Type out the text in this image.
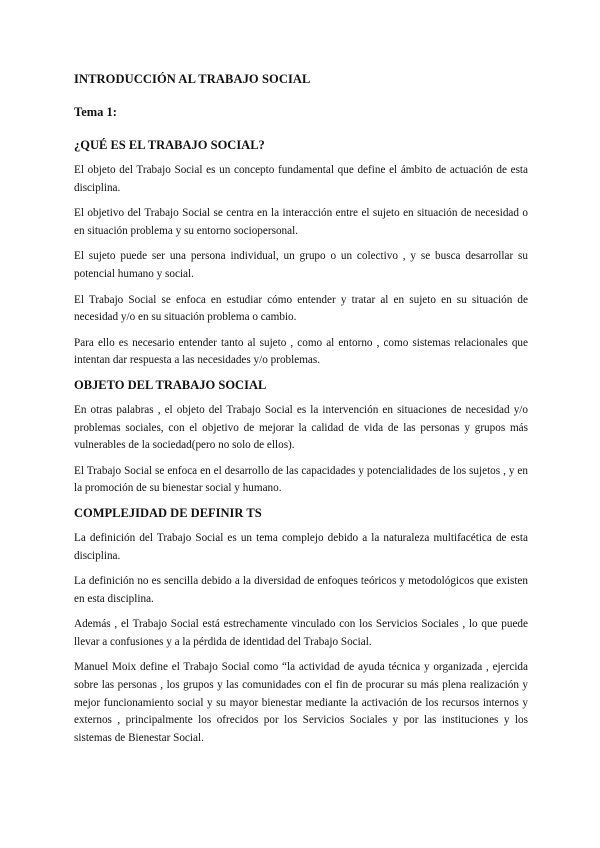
INTRODUCCIÓN AL TRABAJO SOCIAL
Tema 1:
¿QUÉ ES EL TRABAJO SOCIAL?

El objeto del Trabajo Social es un concepto fundamental que define el ámbito de actuación de esta disciplina.

El objetivo del Trabajo Social se centra en la interacción entre el sujeto en situación de necesidad o en situación problema y su entorno sociopersonal.

El sujeto puede ser una persona individual, un grupo o un colectivo , y se busca desarrollar su potencial humano y social.

El Trabajo Social se enfoca en estudiar cómo entender y tratar al en sujeto en su situación de necesidad y/o en su situación problema o cambio.

Para ello es necesario entender tanto al sujeto , como al entorno , como sistemas relacionales que intentan dar respuesta a las necesidades y/o problemas.

OBJETO DEL TRABAJO SOCIAL

En otras palabras , el objeto del Trabajo Social es la intervención en situaciones de necesidad y/o problemas sociales, con el objetivo de mejorar la calidad de vida de las personas y grupos más vulnerables de la sociedad(pero no solo de ellos).

El Trabajo Social se enfoca en el desarrollo de las capacidades y potencialidades de los sujetos , y en la promoción de su bienestar social y humano.

COMPLEJIDAD DE DEFINIR TS

La definición del Trabajo Social es un tema complejo debido a la naturaleza multifacética de esta disciplina.

La definición no es sencilla debido a la diversidad de enfoques teóricos y metodológicos que existen en esta disciplina.

Además , el Trabajo Social está estrechamente vinculado con los Servicios Sociales , lo que puede llevar a confusiones y a la pérdida de identidad del Trabajo Social.

Manuel Moix define el Trabajo Social como “la actividad de ayuda técnica y organizada , ejercida sobre las personas , los grupos y las comunidades con el fin de procurar su más plena realización y mejor funcionamiento social y su mayor bienestar mediante la activación de los recursos internos y externos , principalmente los ofrecidos por los Servicios Sociales y por las instituciones y los sistemas de Bienestar Social.
